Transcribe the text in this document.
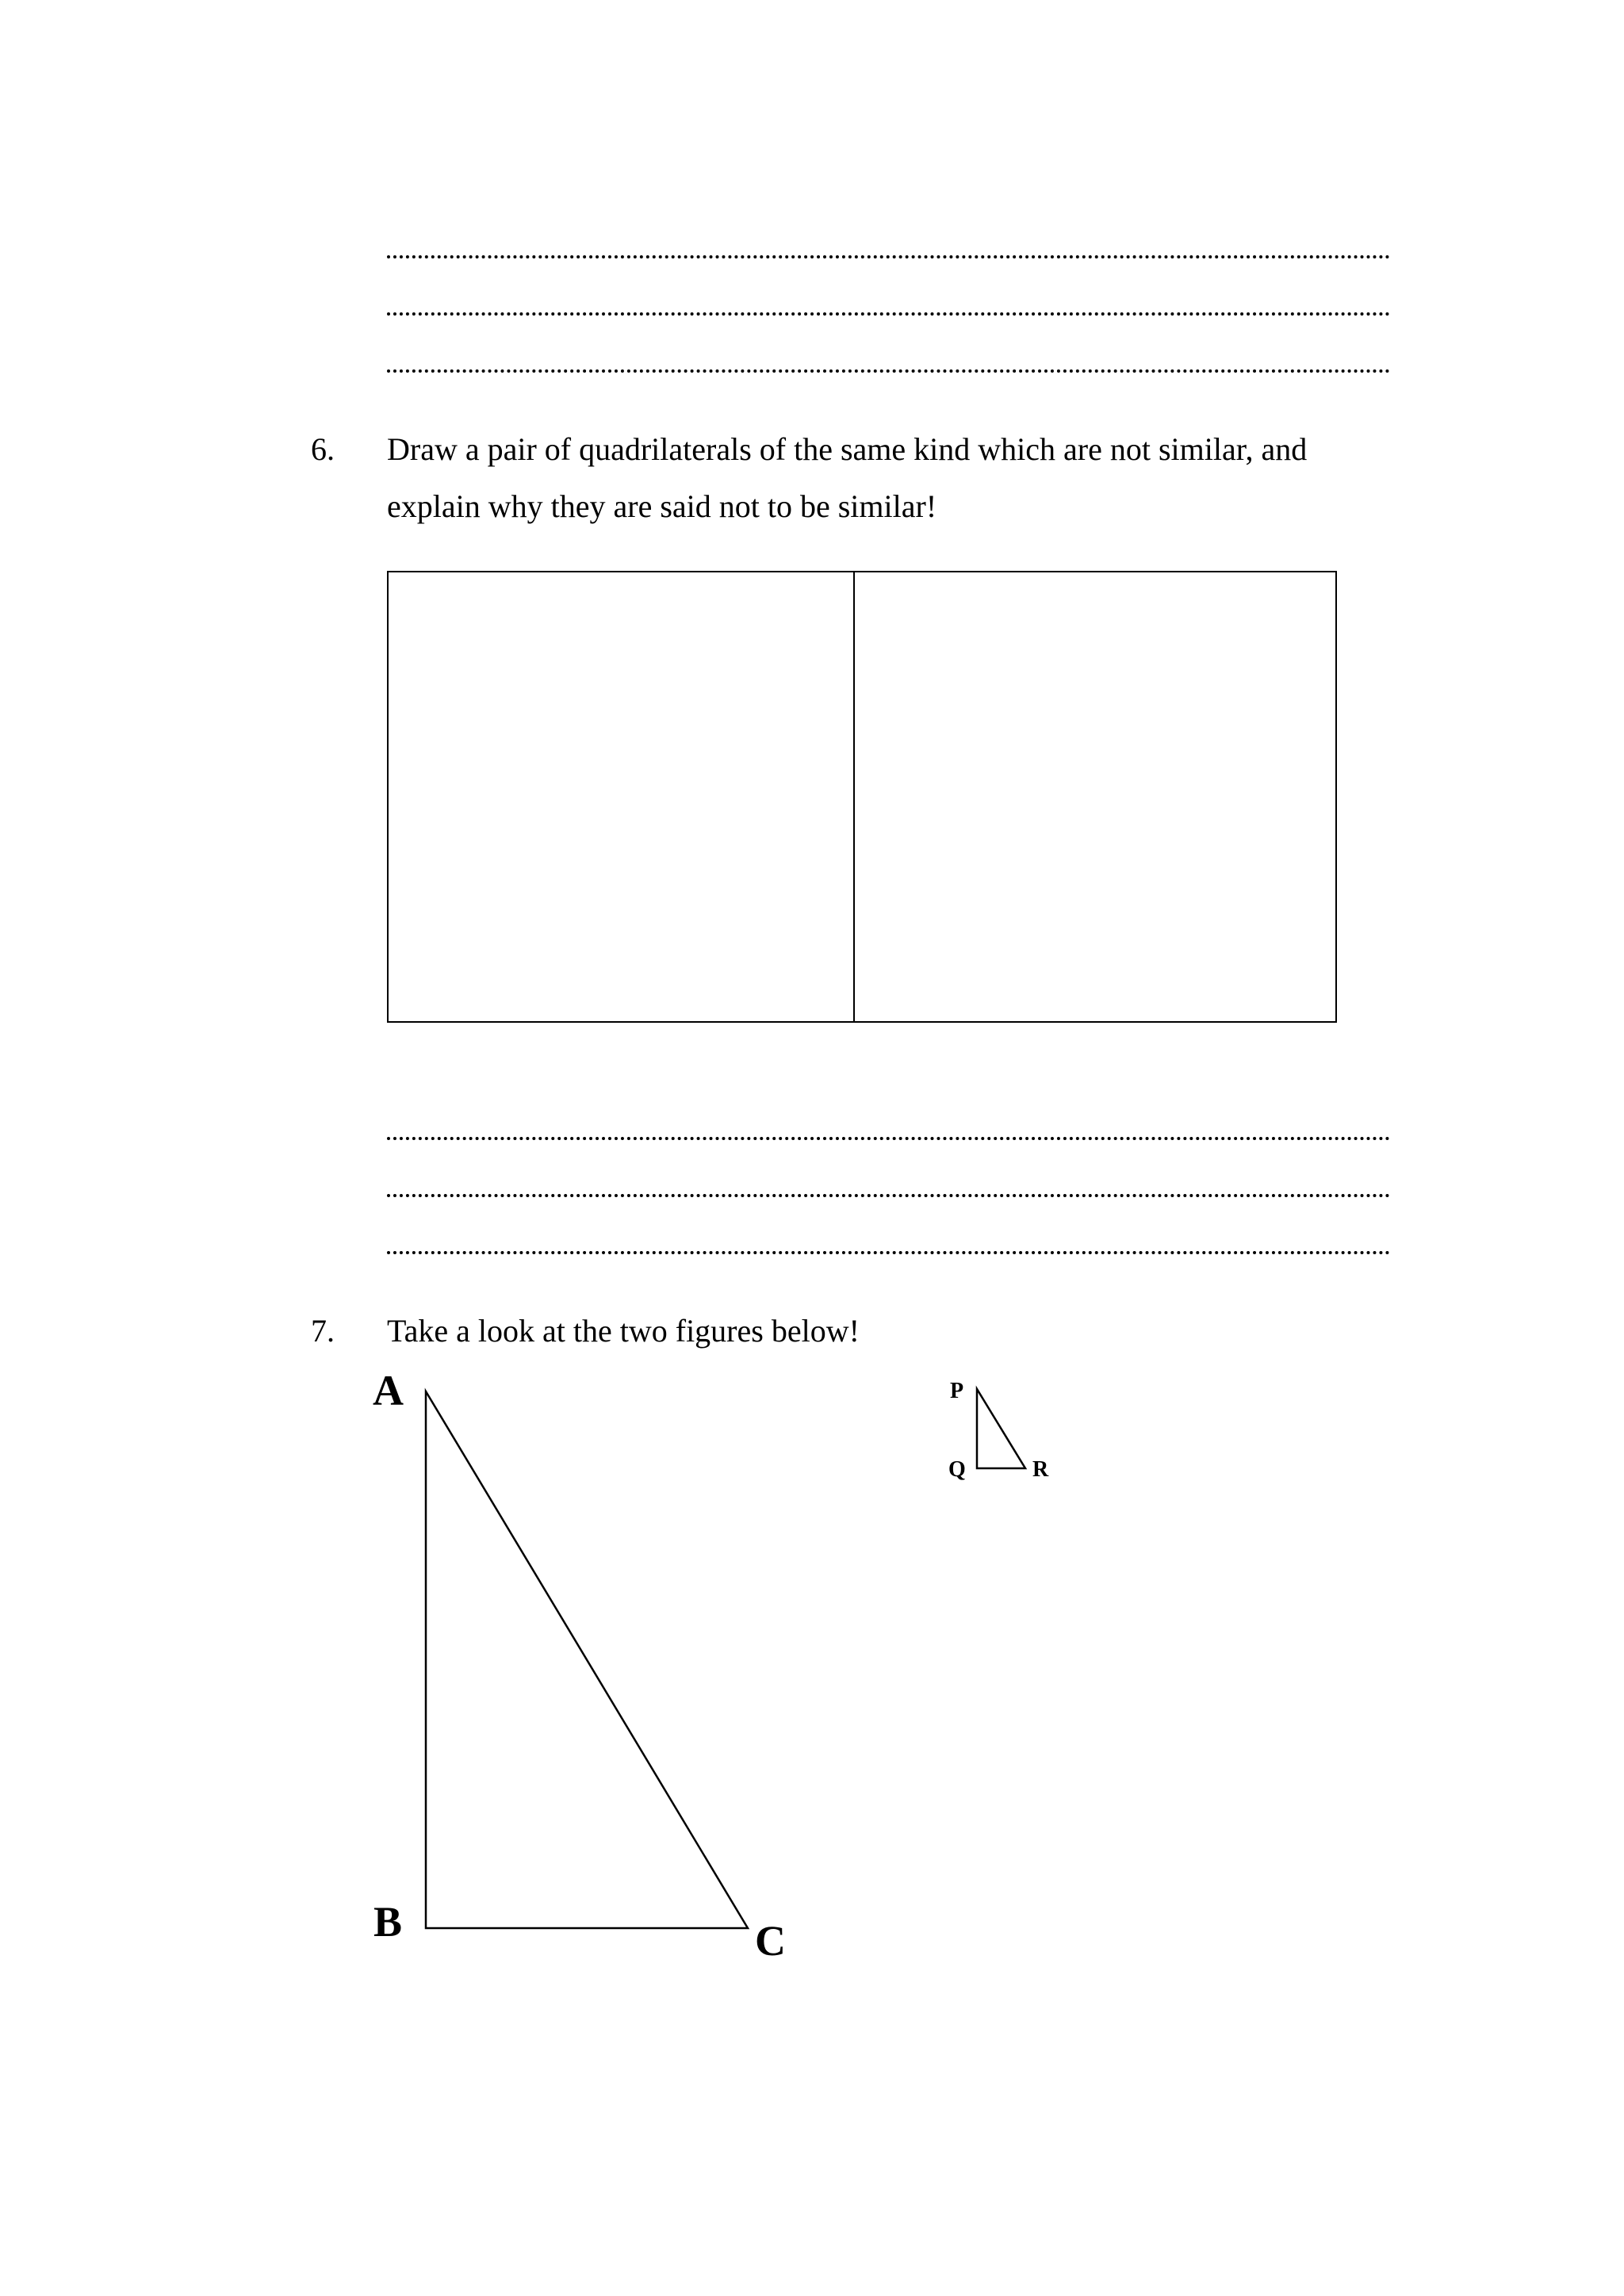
6. Draw a pair of quadrilaterals of the same kind which are not similar, and
explain why they are said not to be similar!
7. Take a look at the two figures below!
A
B	C
P
Q	R
